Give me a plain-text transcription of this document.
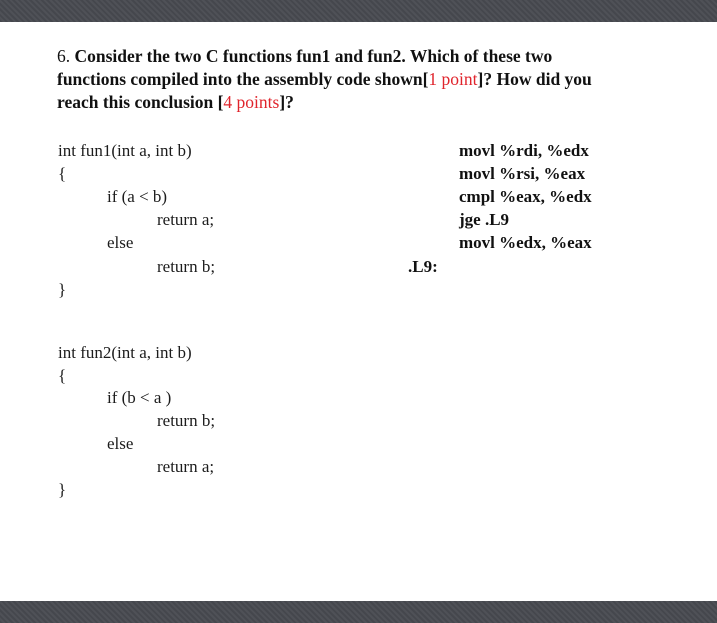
6. Consider the two C functions fun1 and fun2. Which of these two
functions compiled into the assembly code shown[1 point]? How did you
reach this conclusion [4 points]?
int fun1(int a, int b)
{
if (a < b)
return a;
else
return b;
}
movl %rdi, %edx
movl %rsi, %eax
cmpl %eax, %edx
jge .L9
movl %edx, %eax
.L9:
int fun2(int a, int b)
{
if (b < a )
return b;
else
return a;
}
